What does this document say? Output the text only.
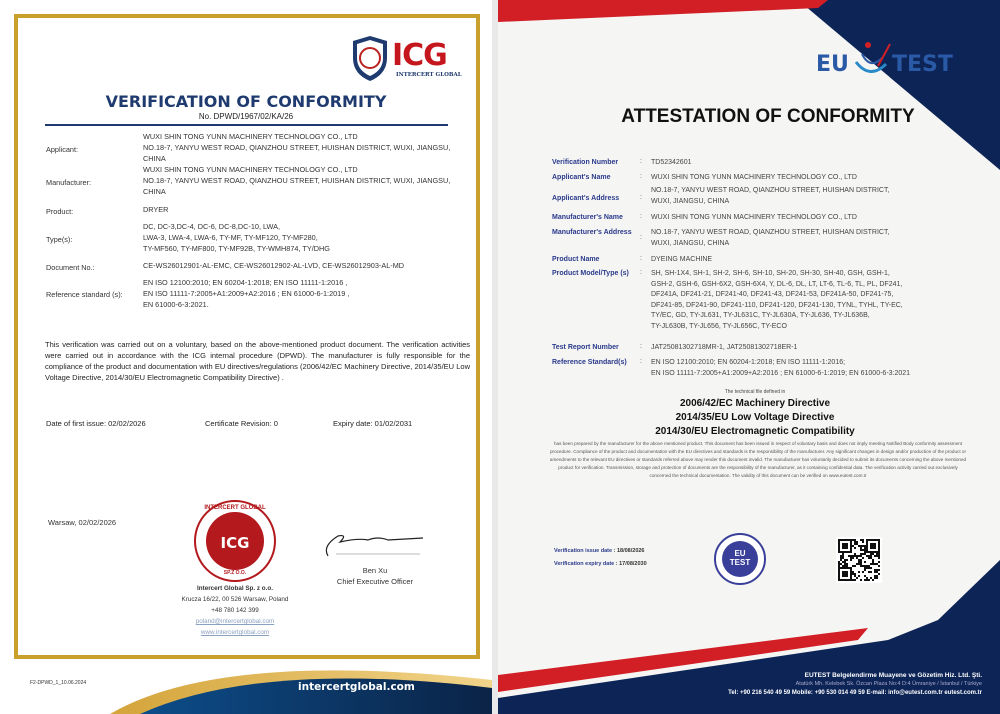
ICG
INTERCERT GLOBAL
VERIFICATION OF CONFORMITY
No. DPWD/1967/02/KA/26
Applicant:
WUXI SHIN TONG YUNN MACHINERY TECHNOLOGY CO., LTD
NO.18-7, YANYU WEST ROAD, QIANZHOU STREET, HUISHAN DISTRICT, WUXI, JIANGSU,
CHINA
Manufacturer:
WUXI SHIN TONG YUNN MACHINERY TECHNOLOGY CO., LTD
NO.18-7, YANYU WEST ROAD, QIANZHOU STREET, HUISHAN DISTRICT, WUXI, JIANGSU,
CHINA
Product:	DRYER
Type(s):
DC, DC-3,DC-4, DC-6, DC-8,DC-10, LWA,
LWA-3, LWA-4, LWA-6, TY-MF, TY-MF120, TY-MF280,
TY-MF560, TY-MF800, TY-MF92B, TY-WMH874, TY/DHG
Document No.:	CE-WS26012901-AL-EMC, CE-WS26012902-AL-LVD, CE-WS26012903-AL-MD
Reference standard (s):
EN ISO 12100:2010; EN 60204-1:2018; EN ISO 11111-1:2016 ,
EN ISO 11111-7:2005+A1:2009+A2:2016 ; EN 61000-6-1:2019 ,
EN 61000-6-3:2021.
This verification was carried out on a voluntary, based on the above-mentioned product document. The verification activities were carried out in accordance with the ICG internal procedure (DPWD). The manufacturer is fully responsible for the compliance of the product and documentation with EU directives/regulations (2006/42/EC Machinery Directive, 2014/35/EU Low Voltage Directive, 2014/30/EU Electromagnetic Compatibility Directive) .
Date of first issue: 02/02/2026	Certificate Revision: 0	Expiry date: 01/02/2031
Warsaw, 02/02/2026
INTERCERT GLOBAL
ICG
SP.Z O.O.	Ben Xu
Chief Executive Officer
Intercert Global Sp. z o.o.
Krucza 16/22, 00 526 Warsaw, Poland
+48 780 142 399
poland@intercertglobal.com
www.intercertglobal.com
intercertglobal.com
F2-DPWD_1_10.06.2024
EU TEST
ATTESTATION OF CONFORMITY
Verification Number	: TD52342601
Applicant's Name	: WUXI SHIN TONG YUNN MACHINERY TECHNOLOGY CO., LTD
Applicant's Address	:
NO.18-7, YANYU WEST ROAD, QIANZHOU STREET, HUISHAN DISTRICT,
WUXI, JIANGSU, CHINA
Manufacturer's Name	: WUXI SHIN TONG YUNN MACHINERY TECHNOLOGY CO., LTD
Manufacturer's Address
:
NO.18-7, YANYU WEST ROAD, QIANZHOU STREET, HUISHAN DISTRICT,
WUXI, JIANGSU, CHINA
Product Name	: DYEING MACHINE
Product Model/Type (s)	: SH, SH-1X4, SH-1, SH-2, SH-6, SH-10, SH-20, SH-30, SH-40, GSH, GSH-1,
GSH-2, GSH-6, GSH-6X2, GSH-6X4, Y, DL-6, DL, LT, LT-6, TL-6, TL, PL, DF241,
DF241A, DF241-21, DF241-40, DF241-43, DF241-53, DF241A-50, DF241-75,
DF241-85, DF241-90, DF241-110, DF241-120, DF241-130, TYNL, TYHL, TY-EC,
TY/EC, GD, TY-JL631, TY-JL631C, TY-JL630A, TY-JL636, TY-JL636B,
TY-JL630B, TY-JL656, TY-JL656C, TY-ECO
Test Report Number	: JAT25081302718MR-1, JAT25081302718ER-1
Reference Standard(s)	: EN ISO 12100:2010; EN 60204-1:2018; EN ISO 11111-1:2016;
EN ISO 11111-7:2005+A1:2009+A2:2016 ; EN 61000-6-1:2019; EN 61000-6-3:2021
The technical file defined in
2006/42/EC Machinery Directive
2014/35/EU Low Voltage Directive
2014/30/EU Electromagnetic Compatibility
has been prepared by the manufacturer for the above mentioned product. This document has been issued in respect of voluntary basis and does not imply meeting Notified Body conformity assessment procedure. Compliance of the product and documentation with the EU directives and standards is the responsibility of the manufacturer. Any significant changes in design and/or production of the product or amendments to the relevant EU directives or standards referred above may render this document invalid. The manufacturer has voluntarily decided to submit its documents concerning the above mentioned product for verification. Transmission, storage and protection of documents are the responsibility of the manufacturer, as it containing confidential data. The verification activity carried out exclusively concerned the technical documentation. The validity of this document can be verified on www.eutest.com.tr
Verification issue date : 18/08/2026
Verification expiry date : 17/08/2030
EU
TEST
EUTEST Belgelendirme Muayene ve Gözetim Hiz. Ltd. Şti.
Atatürk Mh. Kelebek Sk. Özcan Plaza No:4 D:4 Ümraniye / İstanbul / Türkiye
Tel: +90 216 540 49 59 Mobile: +90 530 014 49 59 E-mail: info@eutest.com.tr eutest.com.tr
